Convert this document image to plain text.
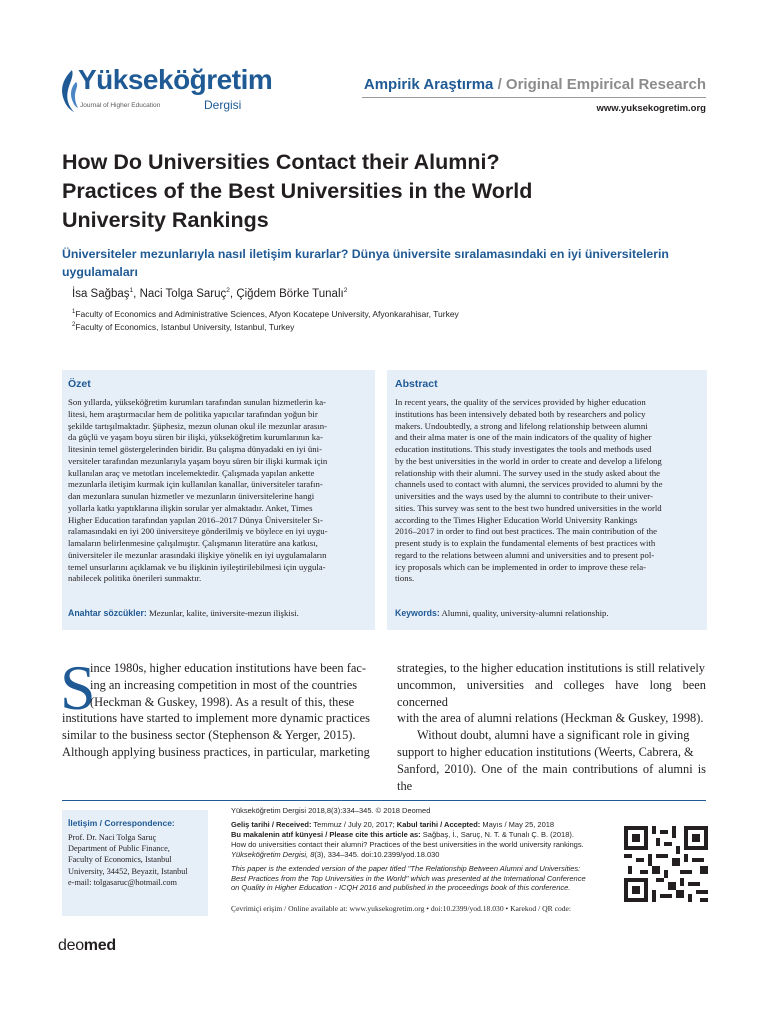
Yükseköğretim
Journal of Higher Education	Dergisi
Ampirik Araştırma / Original Empirical Research
www.yuksekogretim.org
How Do Universities Contact their Alumni?
Practices of the Best Universities in the World
University Rankings
Üniversiteler mezunlarıyla nasıl iletişim kurarlar? Dünya üniversite sıralamasındaki en iyi üniversitelerin
uygulamaları
İsa Sağbaş$^1$, Naci Tolga Saruç$^2$, Çiğdem Börke Tunalı$^2$
$^1$Faculty of Economics and Administrative Sciences, Afyon Kocatepe University, Afyonkarahisar, Turkey
$^2$Faculty of Economics, Istanbul University, Istanbul, Turkey
Özet
Son yıllarda, yükseköğretim kurumları tarafından sunulan hizmetlerin ka-
litesi, hem araştırmacılar hem de politika yapıcılar tarafından yoğun bir
şekilde tartışılmaktadır. Şüphesiz, mezun olunan okul ile mezunlar arasın-
da güçlü ve yaşam boyu süren bir ilişki, yükseköğretim kurumlarının ka-
litesinin temel göstergelerinden biridir. Bu çalışma dünyadaki en iyi üni-
versiteler tarafından mezunlarıyla yaşam boyu süren bir ilişki kurmak için
kullanılan araç ve metotları incelemektedir. Çalışmada yapılan ankette
mezunlarla iletişim kurmak için kullanılan kanallar, üniversiteler tarafın-
dan mezunlara sunulan hizmetler ve mezunların üniversitelerine hangi
yollarla katkı yaptıklarına ilişkin sorular yer almaktadır. Anket, Times
Higher Education tarafından yapılan 2016–2017 Dünya Üniversiteler Sı-
ralamasındaki en iyi 200 üniversiteye gönderilmiş ve böylece en iyi uygu-
lamaların belirlenmesine çalışılmıştır. Çalışmanın literatüre ana katkısı,
üniversiteler ile mezunlar arasındaki ilişkiye yönelik en iyi uygulamaların
temel unsurlarını açıklamak ve bu ilişkinin iyileştirilebilmesi için uygula-
nabilecek politika önerileri sunmaktır.
Anahtar sözcükler: Mezunlar, kalite, üniversite-mezun ilişkisi.
Abstract
In recent years, the quality of the services provided by higher education
institutions has been intensively debated both by researchers and policy
makers. Undoubtedly, a strong and lifelong relationship between alumni
and their alma mater is one of the main indicators of the quality of higher
education institutions. This study investigates the tools and methods used
by the best universities in the world in order to create and develop a lifelong
relationship with their alumni. The survey used in the study asked about the
channels used to contact with alumni, the services provided to alumni by the
universities and the ways used by the alumni to contribute to their univer-
sities. This survey was sent to the best two hundred universities in the world
according to the Times Higher Education World University Rankings
2016–2017 in order to find out best practices. The main contribution of the
present study is to explain the fundamental elements of best practices with
regard to the relations between alumni and universities and to present pol-
icy proposals which can be implemented in order to improve these rela-
tions.
Keywords: Alumni, quality, university-alumni relationship.
S
ince 1980s, higher education institutions have been fac-
ing an increasing competition in most of the countries
(Heckman & Guskey, 1998). As a result of this, these
institutions have started to implement more dynamic practices
similar to the business sector (Stephenson & Yerger, 2015).
Although applying business practices, in particular, marketing
strategies, to the higher education institutions is still relatively
uncommon, universities and colleges have long been concerned
with the area of alumni relations (Heckman & Guskey, 1998).
Without doubt, alumni have a significant role in giving
support to higher education institutions (Weerts, Cabrera, &
Sanford, 2010). One of the main contributions of alumni is the
İletişim / Correspondence:
Prof. Dr. Naci Tolga Saruç
Department of Public Finance,
Faculty of Economics, Istanbul
University, 34452, Beyazit, Istanbul
e-mail: tolgasaruc@hotmail.com
Yükseköğretim Dergisi 2018,8(3):334–345. © 2018 Deomed
Geliş tarihi / Received: Temmuz / July 20, 2017; Kabul tarihi / Accepted: Mayıs / May 25, 2018
Bu makalenin atıf künyesi / Please cite this article as: Sağbaş, İ., Saruç, N. T. & Tunalı Ç. B. (2018).
How do universities contact their alumni? Practices of the best universities in the world university rankings.
Yükseköğretim Dergisi, 8(3), 334–345. doi:10.2399/yod.18.030
This paper is the extended version of the paper titled "The Relationship Between Alumni and Universities:
Best Practices from the Top Universities in the World" which was presented at the International Conference
on Quality in Higher Education - ICQH 2016 and published in the proceedings book of this conference.
Çevrimiçi erişim / Online available at: www.yuksekogretim.org • doi:10.2399/yod.18.030 • Karekod / QR code:
deomed
